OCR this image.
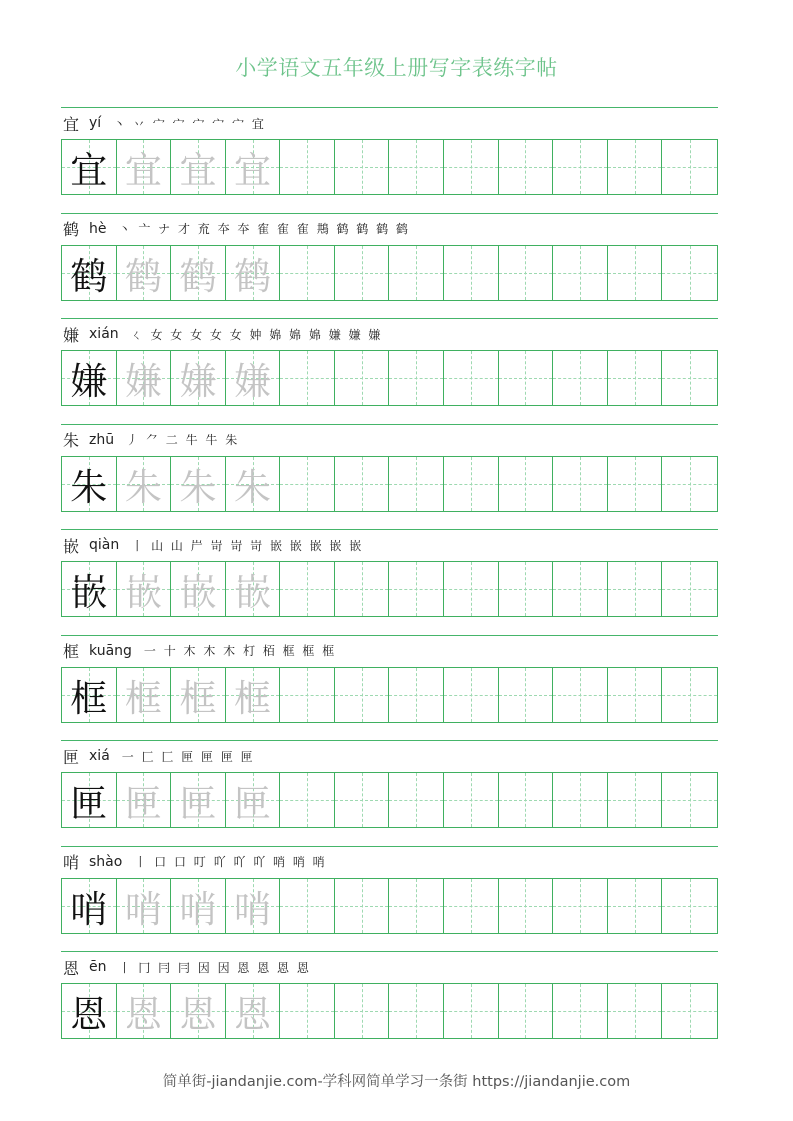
小学语文五年级上册写字表练字帖
宜 yí 丶 丷 宀 宀 宀 宀 宀 宜
宜 宜 宜 宜
鹤 hè 丶 亠 ナ 才 㐬 夲 夲 隺 隺 隺 䳍 鹤 鹤 鹤 鹤
鹤 鹤 鹤 鹤
嫌 xián ㄑ 女 女 女 女 女 妕 婂 婂 婂 嫌 嫌 嫌
嫌 嫌 嫌 嫌
朱 zhū 丿 ⺈ 二 牛 牛 朱
朱 朱 朱 朱
嵌 qiàn 丨 山 山 屵 岢 岢 岢 嵌 嵌 嵌 嵌 嵌
嵌 嵌 嵌 嵌
框 kuāng 一 十 木 木 木 朾 栢 框 框 框
框 框 框 框
匣 xiá 一 匚 匚 匣 匣 匣 匣
匣 匣 匣 匣
哨 shào 丨 口 口 叮 吖 吖 吖 哨 哨 哨
哨 哨 哨 哨
恩 ēn 丨 冂 冃 冃 因 因 恩 恩 恩 恩
恩 恩 恩 恩
简单街-jiandanjie.com-学科网简单学习一条街 https://jiandanjie.com
